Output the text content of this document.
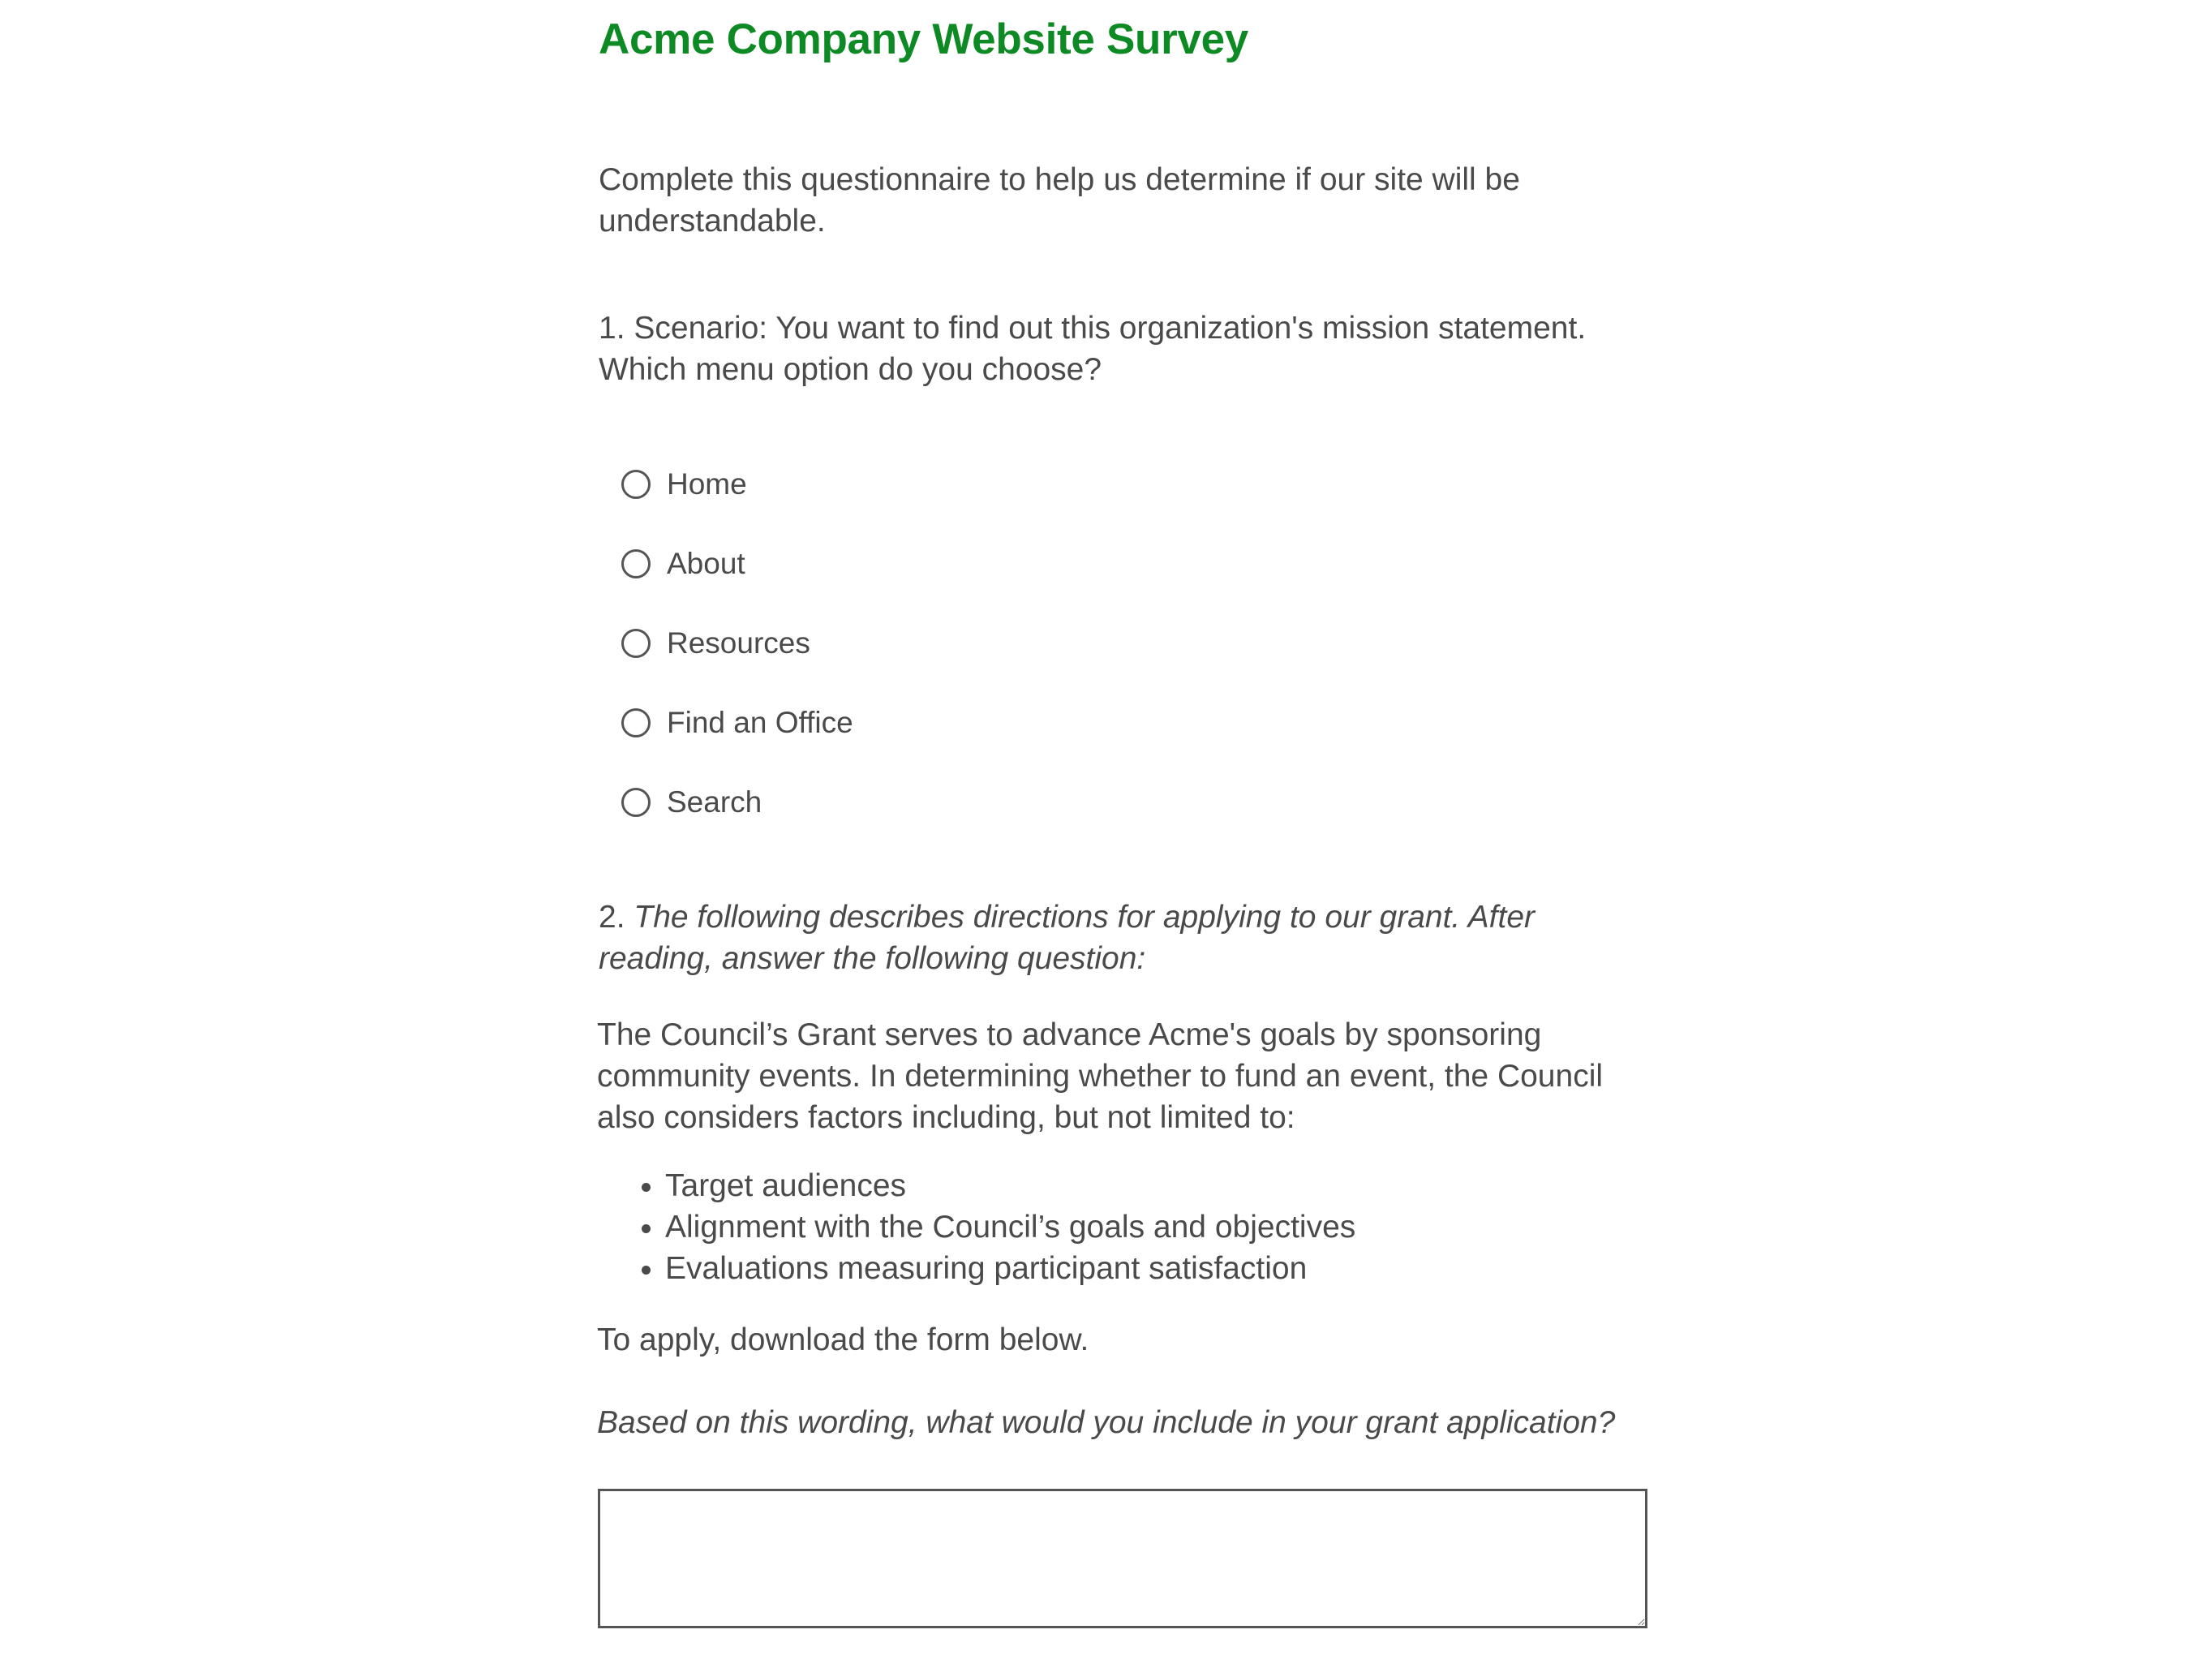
Acme Company Website Survey

Complete this questionnaire to help us determine if our site will be understandable.

1. Scenario: You want to find out this organization's mission statement. Which menu option do you choose?

Home
About
Resources
Find an Office
Search

2. The following describes directions for applying to our grant. After reading, answer the following question:

The Council’s Grant serves to advance Acme's goals by sponsoring community events. In determining whether to fund an event, the Council also considers factors including, but not limited to:

• Target audiences
• Alignment with the Council’s goals and objectives
• Evaluations measuring participant satisfaction

To apply, download the form below.

Based on this wording, what would you include in your grant application?
